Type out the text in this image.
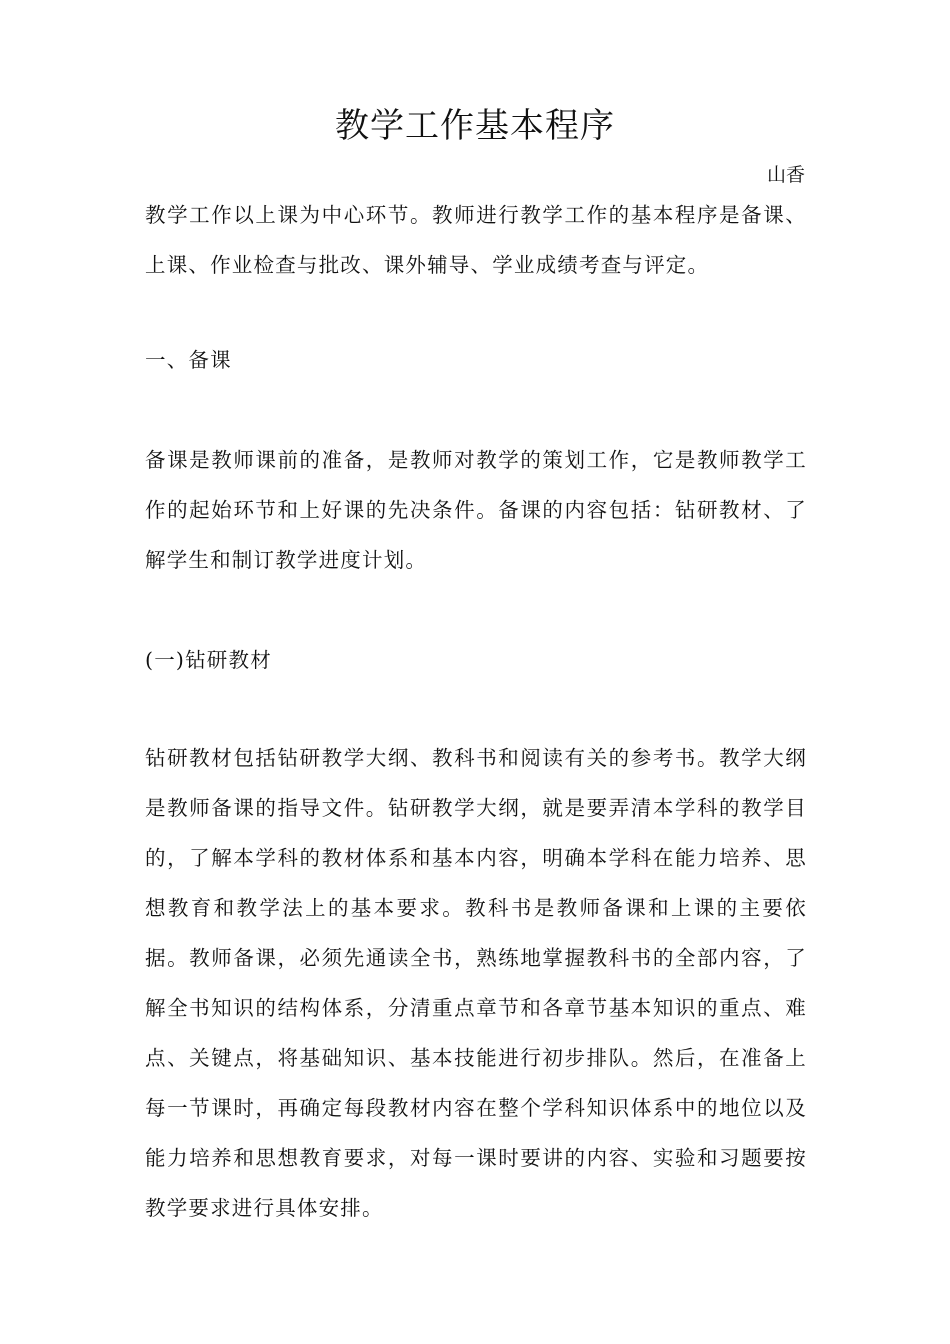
教学工作基本程序
山香

教学工作以上课为中心环节。教师进行教学工作的基本程序是备课、上课、作业检查与批改、课外辅导、学业成绩考查与评定。

一、备课

备课是教师课前的准备，是教师对教学的策划工作，它是教师教学工作的起始环节和上好课的先决条件。备课的内容包括：钻研教材、了解学生和制订教学进度计划。

(一)钻研教材

钻研教材包括钻研教学大纲、教科书和阅读有关的参考书。教学大纲是教师备课的指导文件。钻研教学大纲，就是要弄清本学科的教学目的，了解本学科的教材体系和基本内容，明确本学科在能力培养、思想教育和教学法上的基本要求。教科书是教师备课和上课的主要依据。教师备课，必须先通读全书，熟练地掌握教科书的全部内容，了解全书知识的结构体系，分清重点章节和各章节基本知识的重点、难点、关键点，将基础知识、基本技能进行初步排队。然后，在准备上每一节课时，再确定每段教材内容在整个学科知识体系中的地位以及能力培养和思想教育要求，对每一课时要讲的内容、实验和习题要按教学要求进行具体安排。
